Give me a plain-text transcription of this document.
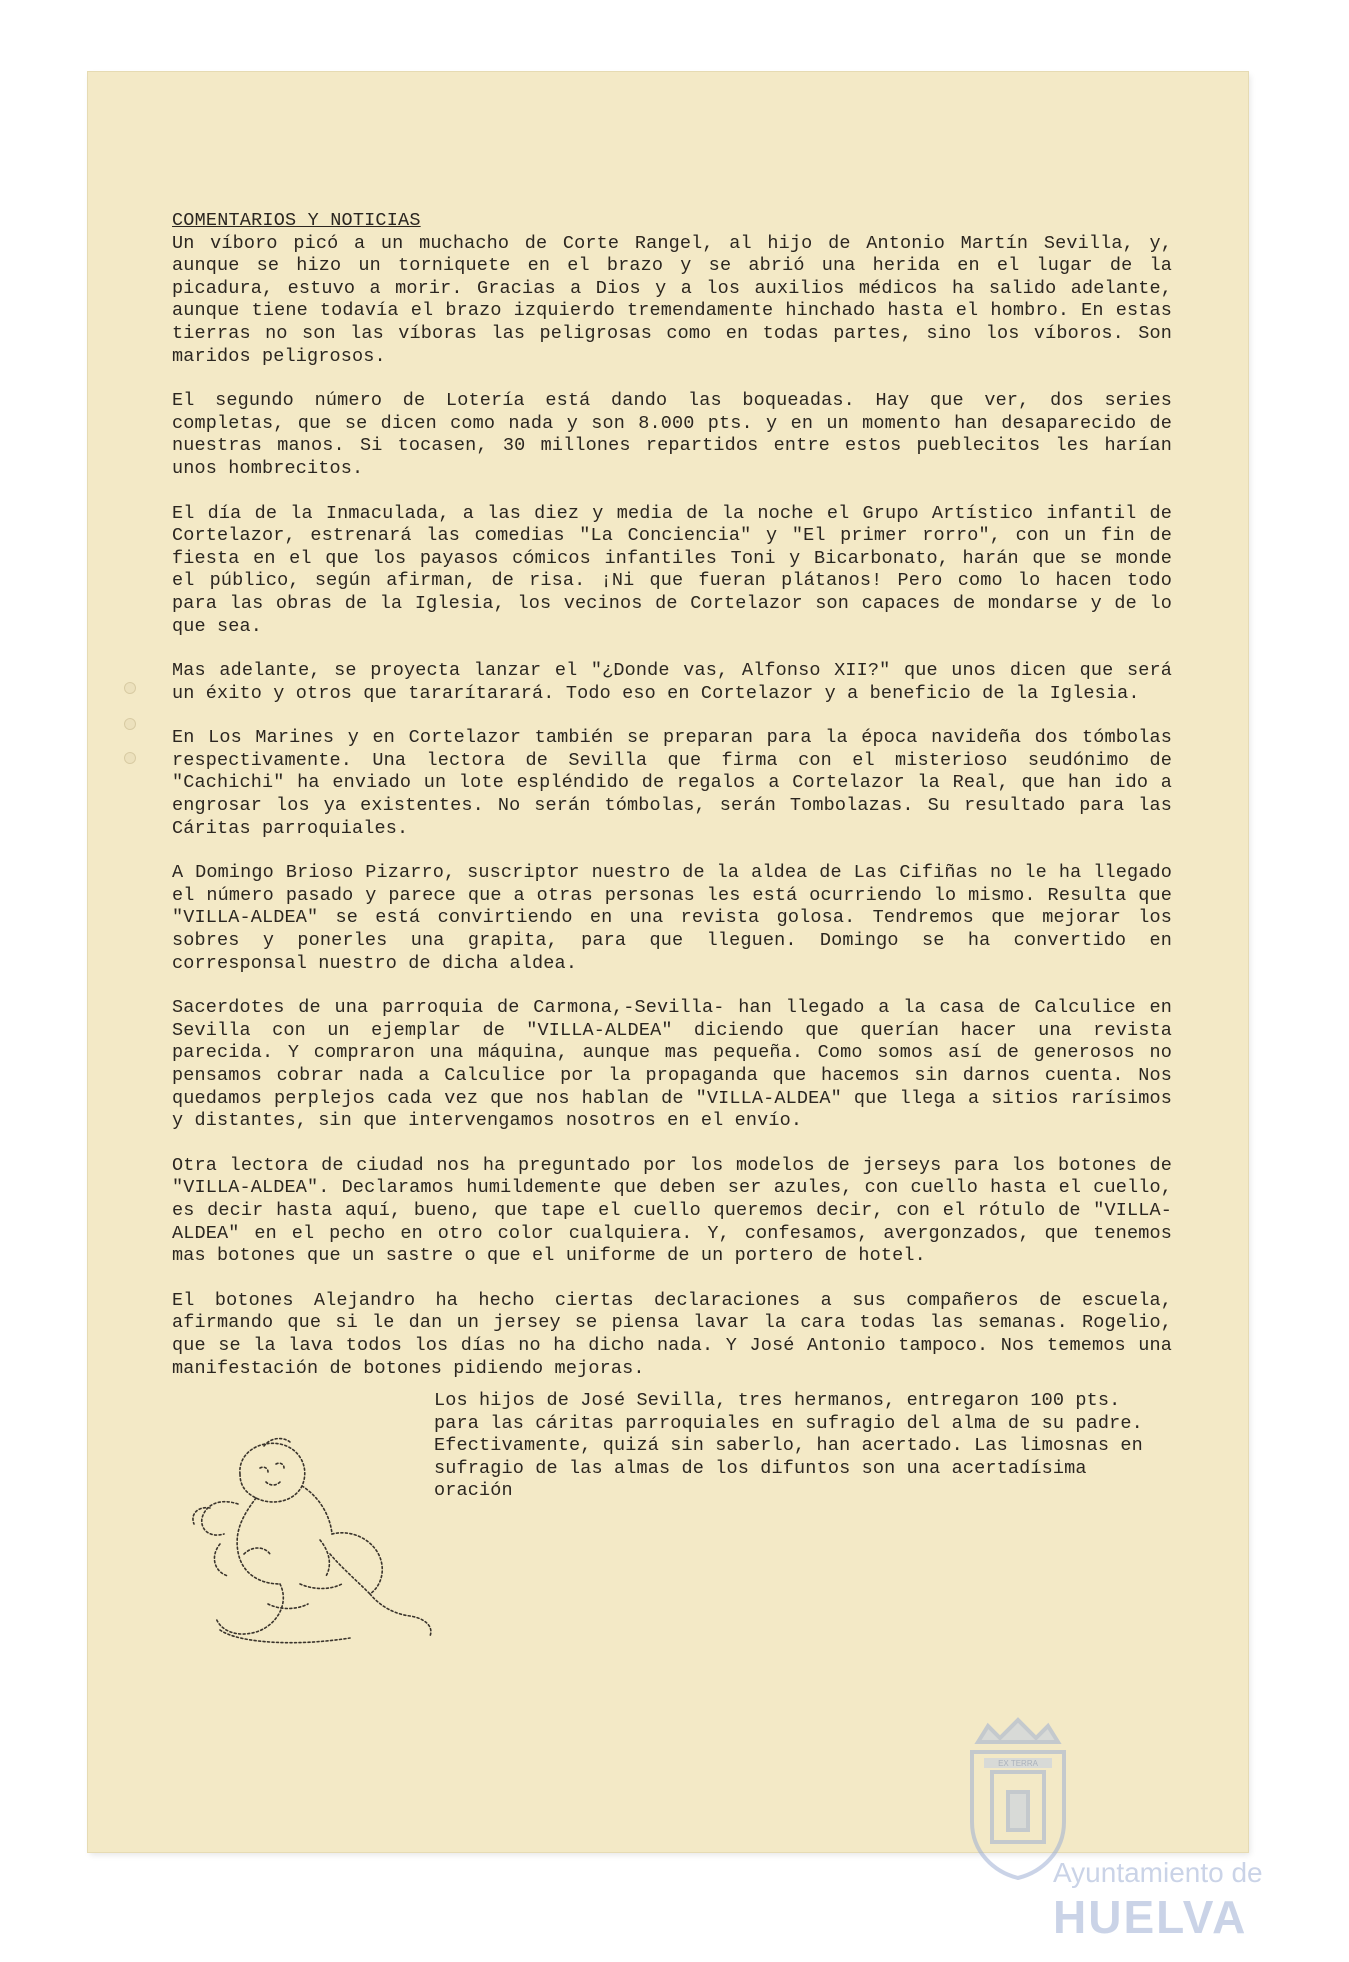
COMENTARIOS Y NOTICIAS

Un víboro picó a un muchacho de Corte Rangel, al hijo de Antonio Martín Sevilla, y, aunque se hizo un torniquete en el brazo y se abrió una herida en el lugar de la picadura, estuvo a morir. Gracias a Dios y a los auxilios médicos ha salido adelante, aunque tiene todavía el brazo izquierdo tremendamente hinchado hasta el hombro. En estas tierras no son las víboras las peligrosas como en todas partes, sino los víboros. Son maridos peligrosos.

El segundo número de Lotería está dando las boqueadas. Hay que ver, dos series completas, que se dicen como nada y son 8.000 pts. y en un momento han desaparecido de nuestras manos. Si tocasen, 30 millones repartidos entre estos pueblecitos les harían unos hombrecitos.

El día de la Inmaculada, a las diez y media de la noche el Grupo Artístico infantil de Cortelazor, estrenará las comedias "La Conciencia" y "El primer rorro", con un fin de fiesta en el que los payasos cómicos infantiles Toni y Bicarbonato, harán que se monde el público, según afirman, de risa. ¡Ni que fueran plátanos! Pero como lo hacen todo para las obras de la Iglesia, los vecinos de Cortelazor son capaces de mondarse y de lo que sea.

Mas adelante, se proyecta lanzar el "¿Donde vas, Alfonso XII?" que unos dicen que será un éxito y otros que tararítarará. Todo eso en Cortelazor y a beneficio de la Iglesia.

En Los Marines y en Cortelazor también se preparan para la época navideña dos tómbolas respectivamente. Una lectora de Sevilla que firma con el misterioso seudónimo de "Cachichi" ha enviado un lote espléndido de regalos a Cortelazor la Real, que han ido a engrosar los ya existentes. No serán tómbolas, serán Tombolazas. Su resultado para las Cáritas parroquiales.

A Domingo Brioso Pizarro, suscriptor nuestro de la aldea de Las Cifiñas no le ha llegado el número pasado y parece que a otras personas les está ocurriendo lo mismo. Resulta que "VILLA-ALDEA" se está convirtiendo en una revista golosa. Tendremos que mejorar los sobres y ponerles una grapita, para que lleguen. Domingo se ha convertido en corresponsal nuestro de dicha aldea.

Sacerdotes de una parroquia de Carmona,-Sevilla- han llegado a la casa de Calculice en Sevilla con un ejemplar de "VILLA-ALDEA" diciendo que querían hacer una revista parecida. Y compraron una máquina, aunque mas pequeña. Como somos así de generosos no pensamos cobrar nada a Calculice por la propaganda que hacemos sin darnos cuenta. Nos quedamos perplejos cada vez que nos hablan de "VILLA-ALDEA" que llega a sitios rarísimos y distantes, sin que intervengamos nosotros en el envío.

Otra lectora de ciudad nos ha preguntado por los modelos de jerseys para los botones de "VILLA-ALDEA". Declaramos humildemente que deben ser azules, con cuello hasta el cuello, es decir hasta aquí, bueno, que tape el cuello queremos decir, con el rótulo de "VILLA-ALDEA" en el pecho en otro color cualquiera. Y, confesamos, avergonzados, que tenemos mas botones que un sastre o que el uniforme de un portero de hotel.

El botones Alejandro ha hecho ciertas declaraciones a sus compañeros de escuela, afirmando que si le dan un jersey se piensa lavar la cara todas las semanas. Rogelio, que se la lava todos los días no ha dicho nada. Y José Antonio tampoco. Nos tememos una manifestación de botones pidiendo mejoras.

Los hijos de José Sevilla, tres hermanos, entregaron 100 pts. para las cáritas parroquiales en sufragio del alma de su padre. Efectivamente, quizá sin saberlo, han acertado. Las limosnas en sufragio de las almas de los difuntos son una acertadísima oración
EX TERRA
Ayuntamiento de
HUELVA
